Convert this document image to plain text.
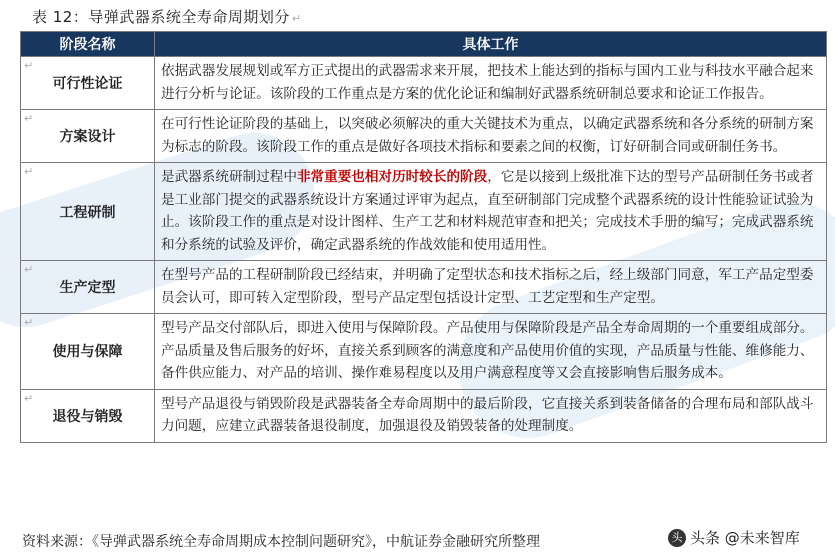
表 12：导弹武器系统全寿命周期划分 ↵
阶段名称	具体工作

↵
可行性论证	依据武器发展规划或军方正式提出的武器需求来开展，把技术上能达到的指标与国内工业与科技水平融合起来进行分析与论证。该阶段的工作重点是方案的优化论证和编制好武器系统研制总要求和论证工作报告。

↵
方案设计	在可行性论证阶段的基础上，以突破必须解决的重大关键技术为重点，以确定武器系统和各分系统的研制方案为标志的阶段。该阶段工作的重点是做好各项技术指标和要素之间的权衡，订好研制合同或研制任务书。

↵
工程研制	是武器系统研制过程中非常重要也相对历时较长的阶段，它是以接到上级批准下达的型号产品研制任务书或者是工业部门提交的武器系统设计方案通过评审为起点，直至研制部门完成整个武器系统的设计性能验证试验为止。该阶段工作的重点是对设计图样、生产工艺和材料规范审查和把关；完成技术手册的编写；完成武器系统和分系统的试验及评价，确定武器系统的作战效能和使用适用性。

↵
生产定型	在型号产品的工程研制阶段已经结束，并明确了定型状态和技术指标之后，经上级部门同意，军工产品定型委员会认可，即可转入定型阶段，型号产品定型包括设计定型、工艺定型和生产定型。

↵
使用与保障	型号产品交付部队后，即进入使用与保障阶段。产品使用与保障阶段是产品全寿命周期的一个重要组成部分。产品质量及售后服务的好坏，直接关系到顾客的满意度和产品使用价值的实现，产品质量与性能、维修能力、备件供应能力、对产品的培训、操作难易程度以及用户满意程度等又会直接影响售后服务成本。

↵
退役与销毁	型号产品退役与销毁阶段是武器装备全寿命周期中的最后阶段，它直接关系到装备储备的合理布局和部队战斗力问题，应建立武器装备退役制度，加强退役及销毁装备的处理制度。
资料来源：《导弹武器系统全寿命周期成本控制问题研究》，中航证券金融研究所整理	头 头条 @未来智库
